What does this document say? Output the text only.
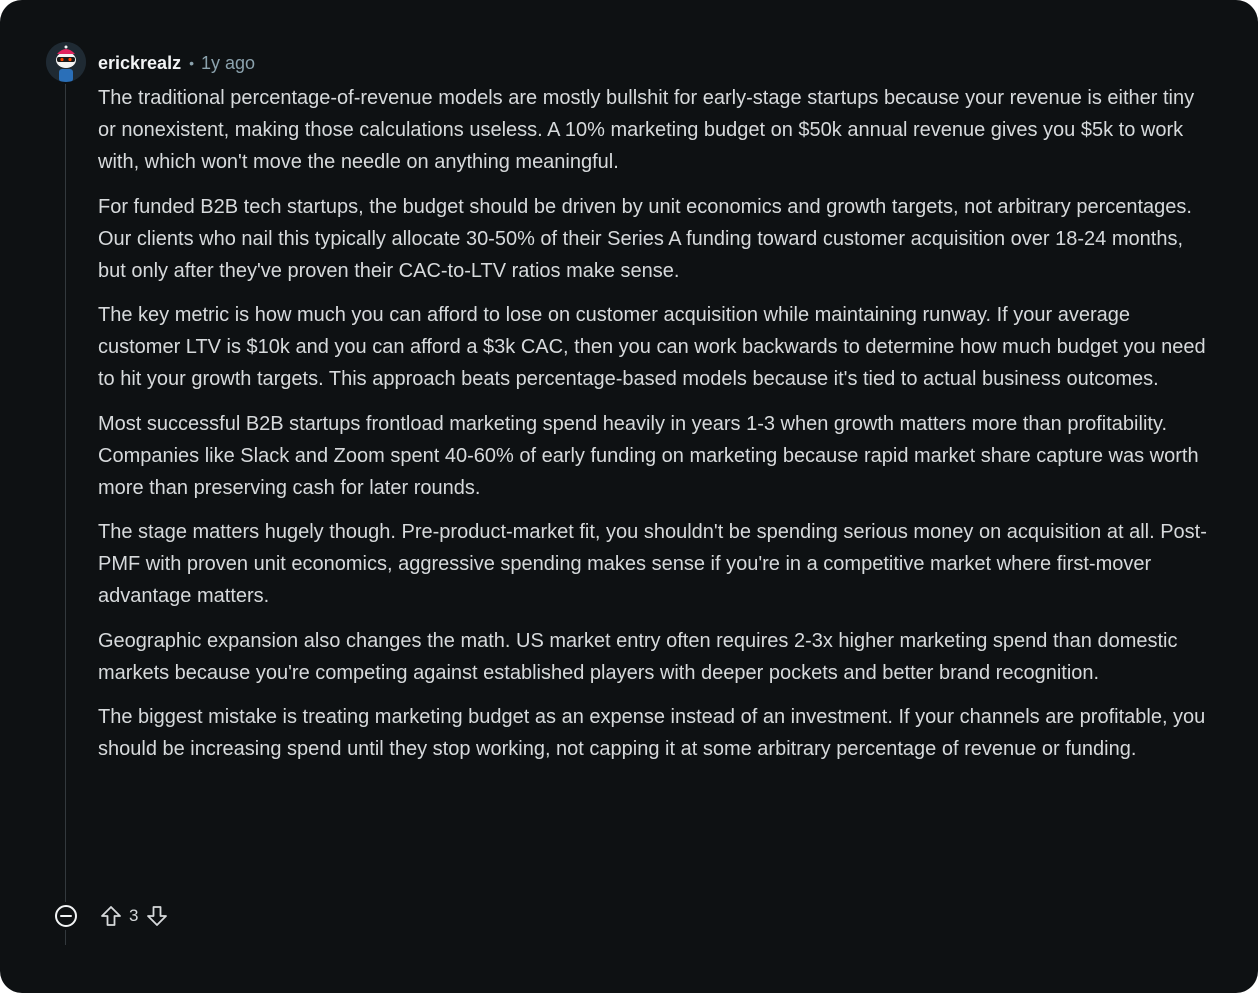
erickrealz • 1y ago

The traditional percentage-of-revenue models are mostly bullshit for early-stage startups because your revenue is either tiny or nonexistent, making those calculations useless. A 10% marketing budget on $50k annual revenue gives you $5k to work with, which won't move the needle on anything meaningful.

For funded B2B tech startups, the budget should be driven by unit economics and growth targets, not arbitrary percentages. Our clients who nail this typically allocate 30-50% of their Series A funding toward customer acquisition over 18-24 months, but only after they've proven their CAC-to-LTV ratios make sense.

The key metric is how much you can afford to lose on customer acquisition while maintaining runway. If your average customer LTV is $10k and you can afford a $3k CAC, then you can work backwards to determine how much budget you need to hit your growth targets. This approach beats percentage-based models because it's tied to actual business outcomes.

Most successful B2B startups frontload marketing spend heavily in years 1-3 when growth matters more than profitability. Companies like Slack and Zoom spent 40-60% of early funding on marketing because rapid market share capture was worth more than preserving cash for later rounds.

The stage matters hugely though. Pre-product-market fit, you shouldn't be spending serious money on acquisition at all. Post-PMF with proven unit economics, aggressive spending makes sense if you're in a competitive market where first-mover advantage matters.

Geographic expansion also changes the math. US market entry often requires 2-3x higher marketing spend than domestic markets because you're competing against established players with deeper pockets and better brand recognition.

The biggest mistake is treating marketing budget as an expense instead of an investment. If your channels are profitable, you should be increasing spend until they stop working, not capping it at some arbitrary percentage of revenue or funding.

3
